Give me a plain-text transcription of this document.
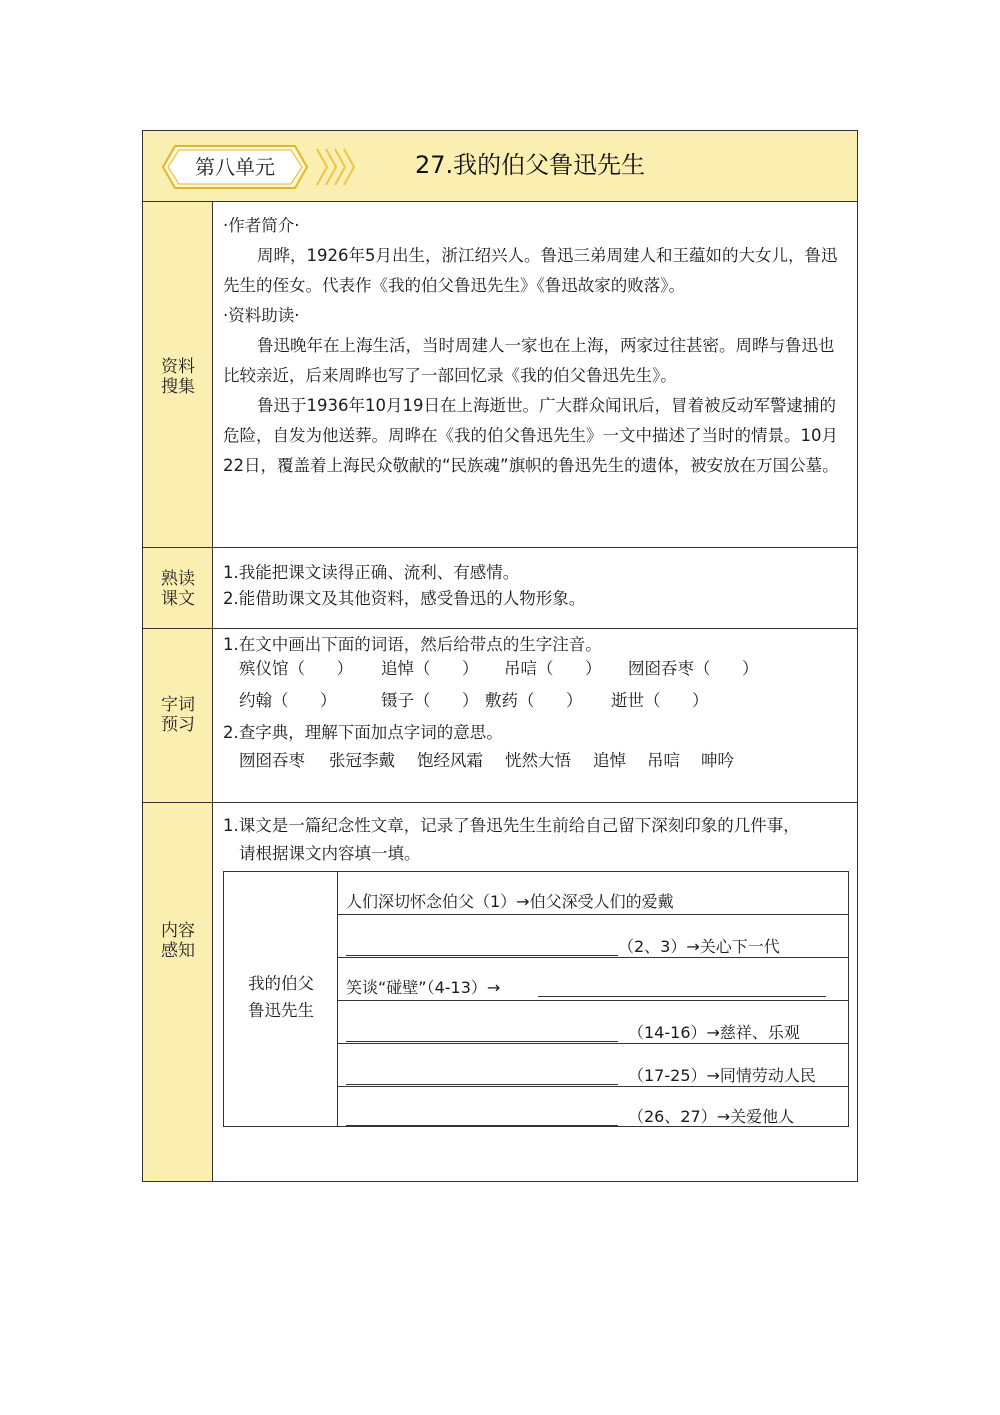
第八单元	27.我的伯父鲁迅先生
资料
搜集

·作者简介·

周晔，1926年5月出生，浙江绍兴人。鲁迅三弟周建人和王蕴如的大女儿，鲁迅先生的侄女。代表作《我的伯父鲁迅先生》《鲁迅故家的败落》。

·资料助读·

鲁迅晚年在上海生活，当时周建人一家也在上海，两家过往甚密。周晔与鲁迅也比较亲近，后来周晔也写了一部回忆录《我的伯父鲁迅先生》。

鲁迅于1936年10月19日在上海逝世。广大群众闻讯后，冒着被反动军警逮捕的危险，自发为他送葬。周晔在《我的伯父鲁迅先生》一文中描述了当时的情景。10月22日，覆盖着上海民众敬献的“民族魂”旗帜的鲁迅先生的遗体，被安放在万国公墓。

熟读
课文
1.我能把课文读得正确、流利、有感情。
2.能借助课文及其他资料，感受鲁迅的人物形象。
字词
预习
1.在文中画出下面的词语，然后给带点的生字注音。
殡仪馆（      ） 追悼（      ） 吊唁（      ） 囫囵吞枣（      ）
约翰（      ）	镊子（      ） 敷药（      ） 逝世（      ）
2.查字典，理解下面加点字词的意思。
囫囵吞枣 张冠李戴 饱经风霜 恍然大悟 追悼 吊唁 呻吟
内容
感知
1.课文是一篇纪念性文章，记录了鲁迅先生生前给自己留下深刻印象的几件事，
请根据课文内容填一填。
我的伯父
鲁迅先生
人们深切怀念伯父（1）→伯父深受人们的爱戴
（2、3）→关心下一代
笑谈“碰壁”（4-13）→
（14-16）→慈祥、乐观
（17-25）→同情劳动人民
（26、27）→关爱他人
